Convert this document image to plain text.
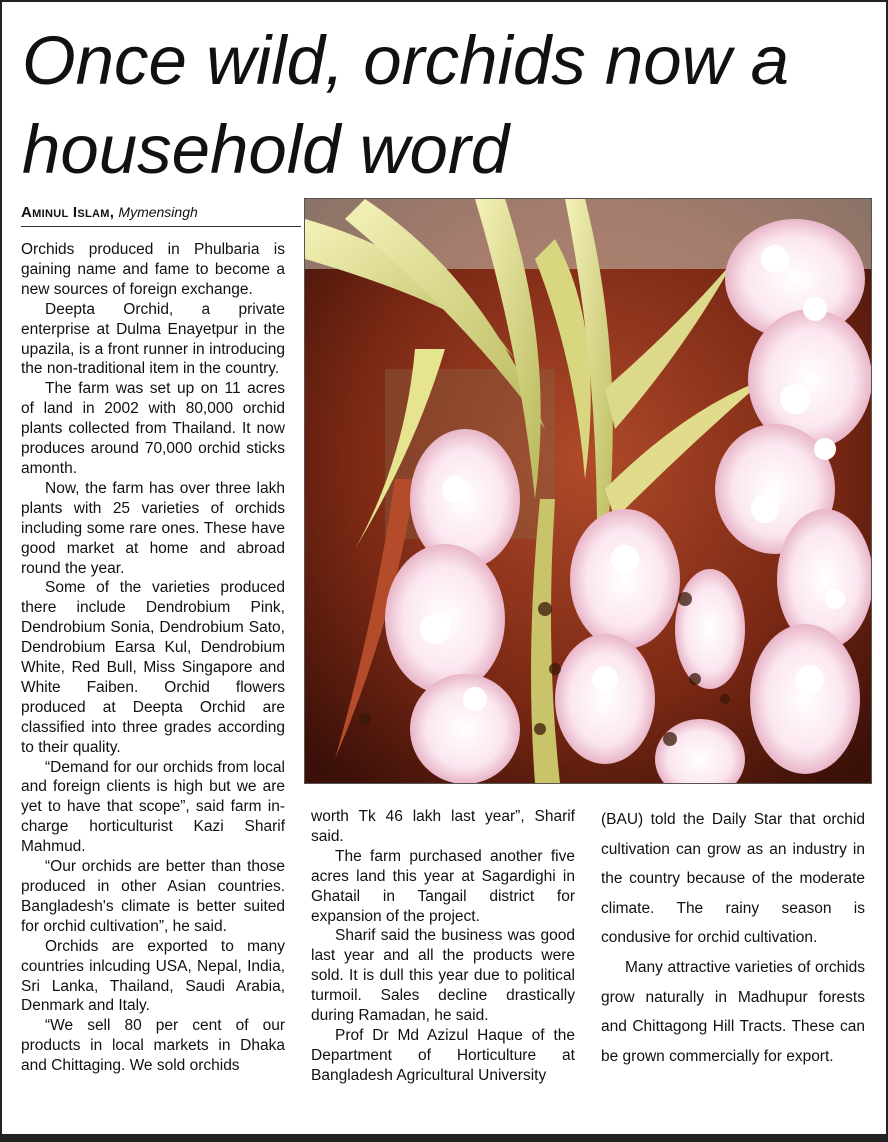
Once wild, orchids now a household word
Aminul Islam, Mymensingh

Orchids produced in Phulbaria is gaining name and fame to become a new sources of foreign exchange.

Deepta Orchid, a private enterprise at Dulma Enayetpur in the upazila, is a front runner in introducing the non-traditional item in the country.

The farm was set up on 11 acres of land in 2002 with 80,000 orchid plants collected from Thailand. It now produces around 70,000 orchid sticks amonth.

Now, the farm has over three lakh plants with 25 varieties of orchids including some rare ones. These have good market at home and abroad round the year.

Some of the varieties produced there include Dendrobium Pink, Dendrobium Sonia, Dendrobium Sato, Dendrobium Earsa Kul, Dendrobium White, Red Bull, Miss Singapore and White Faiben. Orchid flowers produced at Deepta Orchid are classified into three grades according to their quality.

“Demand for our orchids from local and foreign clients is high but we are yet to have that scope”, said farm in-charge horticulturist Kazi Sharif Mahmud.

“Our orchids are better than those produced in other Asian countries. Bangladesh's climate is better suited for orchid cultivation”, he said.

Orchids are exported to many countries inlcuding USA, Nepal, India, Sri Lanka, Thailand, Saudi Arabia, Denmark and Italy.

“We sell 80 per cent of our products in local markets in Dhaka and Chittaging. We sold orchids

worth Tk 46 lakh last year”, Sharif said.

The farm purchased another five acres land this year at Sagardighi in Ghatail in Tangail district for expansion of the project.

Sharif said the business was good last year and all the products were sold. It is dull this year due to political turmoil. Sales decline drastically during Ramadan, he said.

Prof Dr Md Azizul Haque of the Department of Horticulture at Bangladesh Agricultural University

(BAU) told the Daily Star that orchid cultivation can grow as an industry in the country because of the moderate climate. The rainy season is condusive for orchid cultivation.

Many attractive varieties of orchids grow naturally in Madhupur forests and Chittagong Hill Tracts. These can be grown commercially for export.
